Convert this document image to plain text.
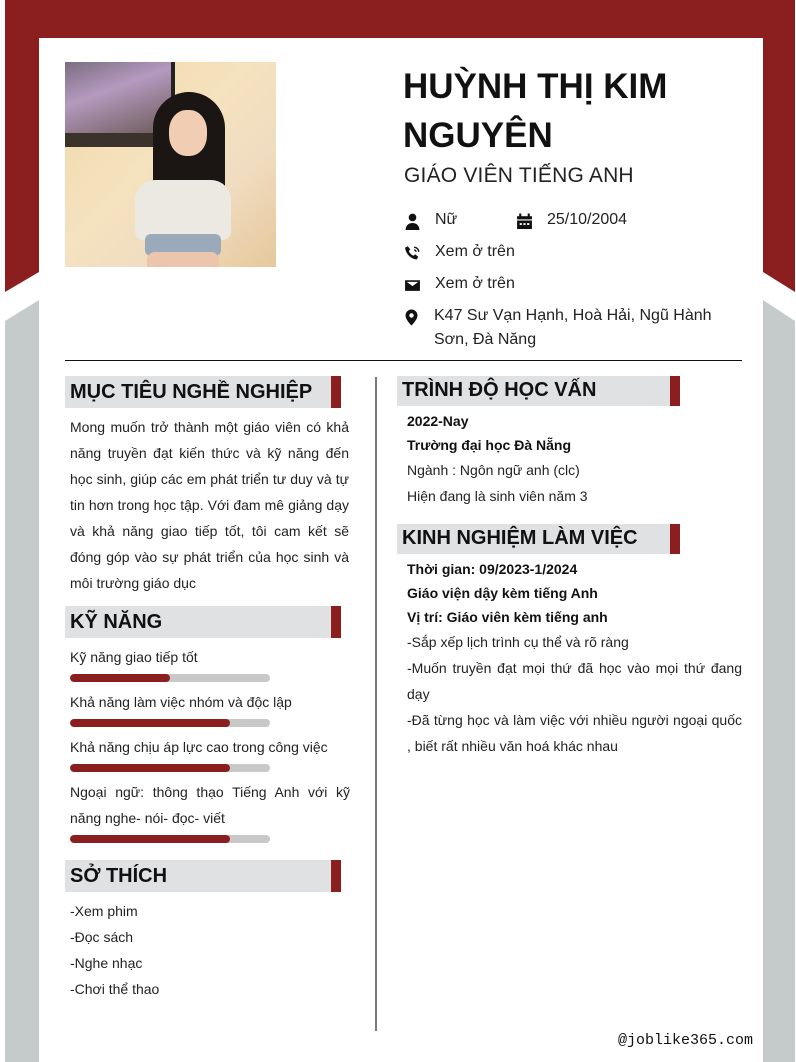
HUỲNH THỊ KIM NGUYÊN
GIÁO VIÊN TIẾNG ANH
Nữ	25/10/2004
Xem ở trên
Xem ở trên
K47 Sư Vạn Hạnh, Hoà Hải, Ngũ Hành Sơn, Đà Năng
MỤC TIÊU NGHỀ NGHIỆP
Mong muốn trở thành một giáo viên có khả năng truyền đạt kiến thức và kỹ năng đến học sinh, giúp các em phát triển tư duy và tự tin hơn trong học tập. Với đam mê giảng dạy và khả năng giao tiếp tốt, tôi cam kết sẽ đóng góp vào sự phát triển của học sinh và môi trường giáo dục
KỸ NĂNG
Kỹ năng giao tiếp tốt
Khả năng làm việc nhóm và độc lập
Khả năng chịu áp lực cao trong công việc
Ngoại ngữ: thông thạo Tiếng Anh với kỹ năng nghe- nói- đọc- viết
SỞ THÍCH
-Xem phim
-Đọc sách
-Nghe nhạc
-Chơi thể thao
TRÌNH ĐỘ HỌC VẤN
2022-Nay
Trường đại học Đà Nẵng
Ngành : Ngôn ngữ anh (clc)
Hiện đang là sinh viên năm 3
KINH NGHIỆM LÀM VIỆC
Thời gian: 09/2023-1/2024
Giáo viện dậy kèm tiếng Anh
Vị trí: Giáo viên kèm tiếng anh
-Sắp xếp lịch trình cụ thể và rõ ràng
-Muốn truyền đạt mọi thứ đã học vào mọi thứ đang dạy
-Đã từng học và làm việc với nhiều người ngoại quốc , biết rất nhiều văn hoá khác nhau
@joblike365.com
